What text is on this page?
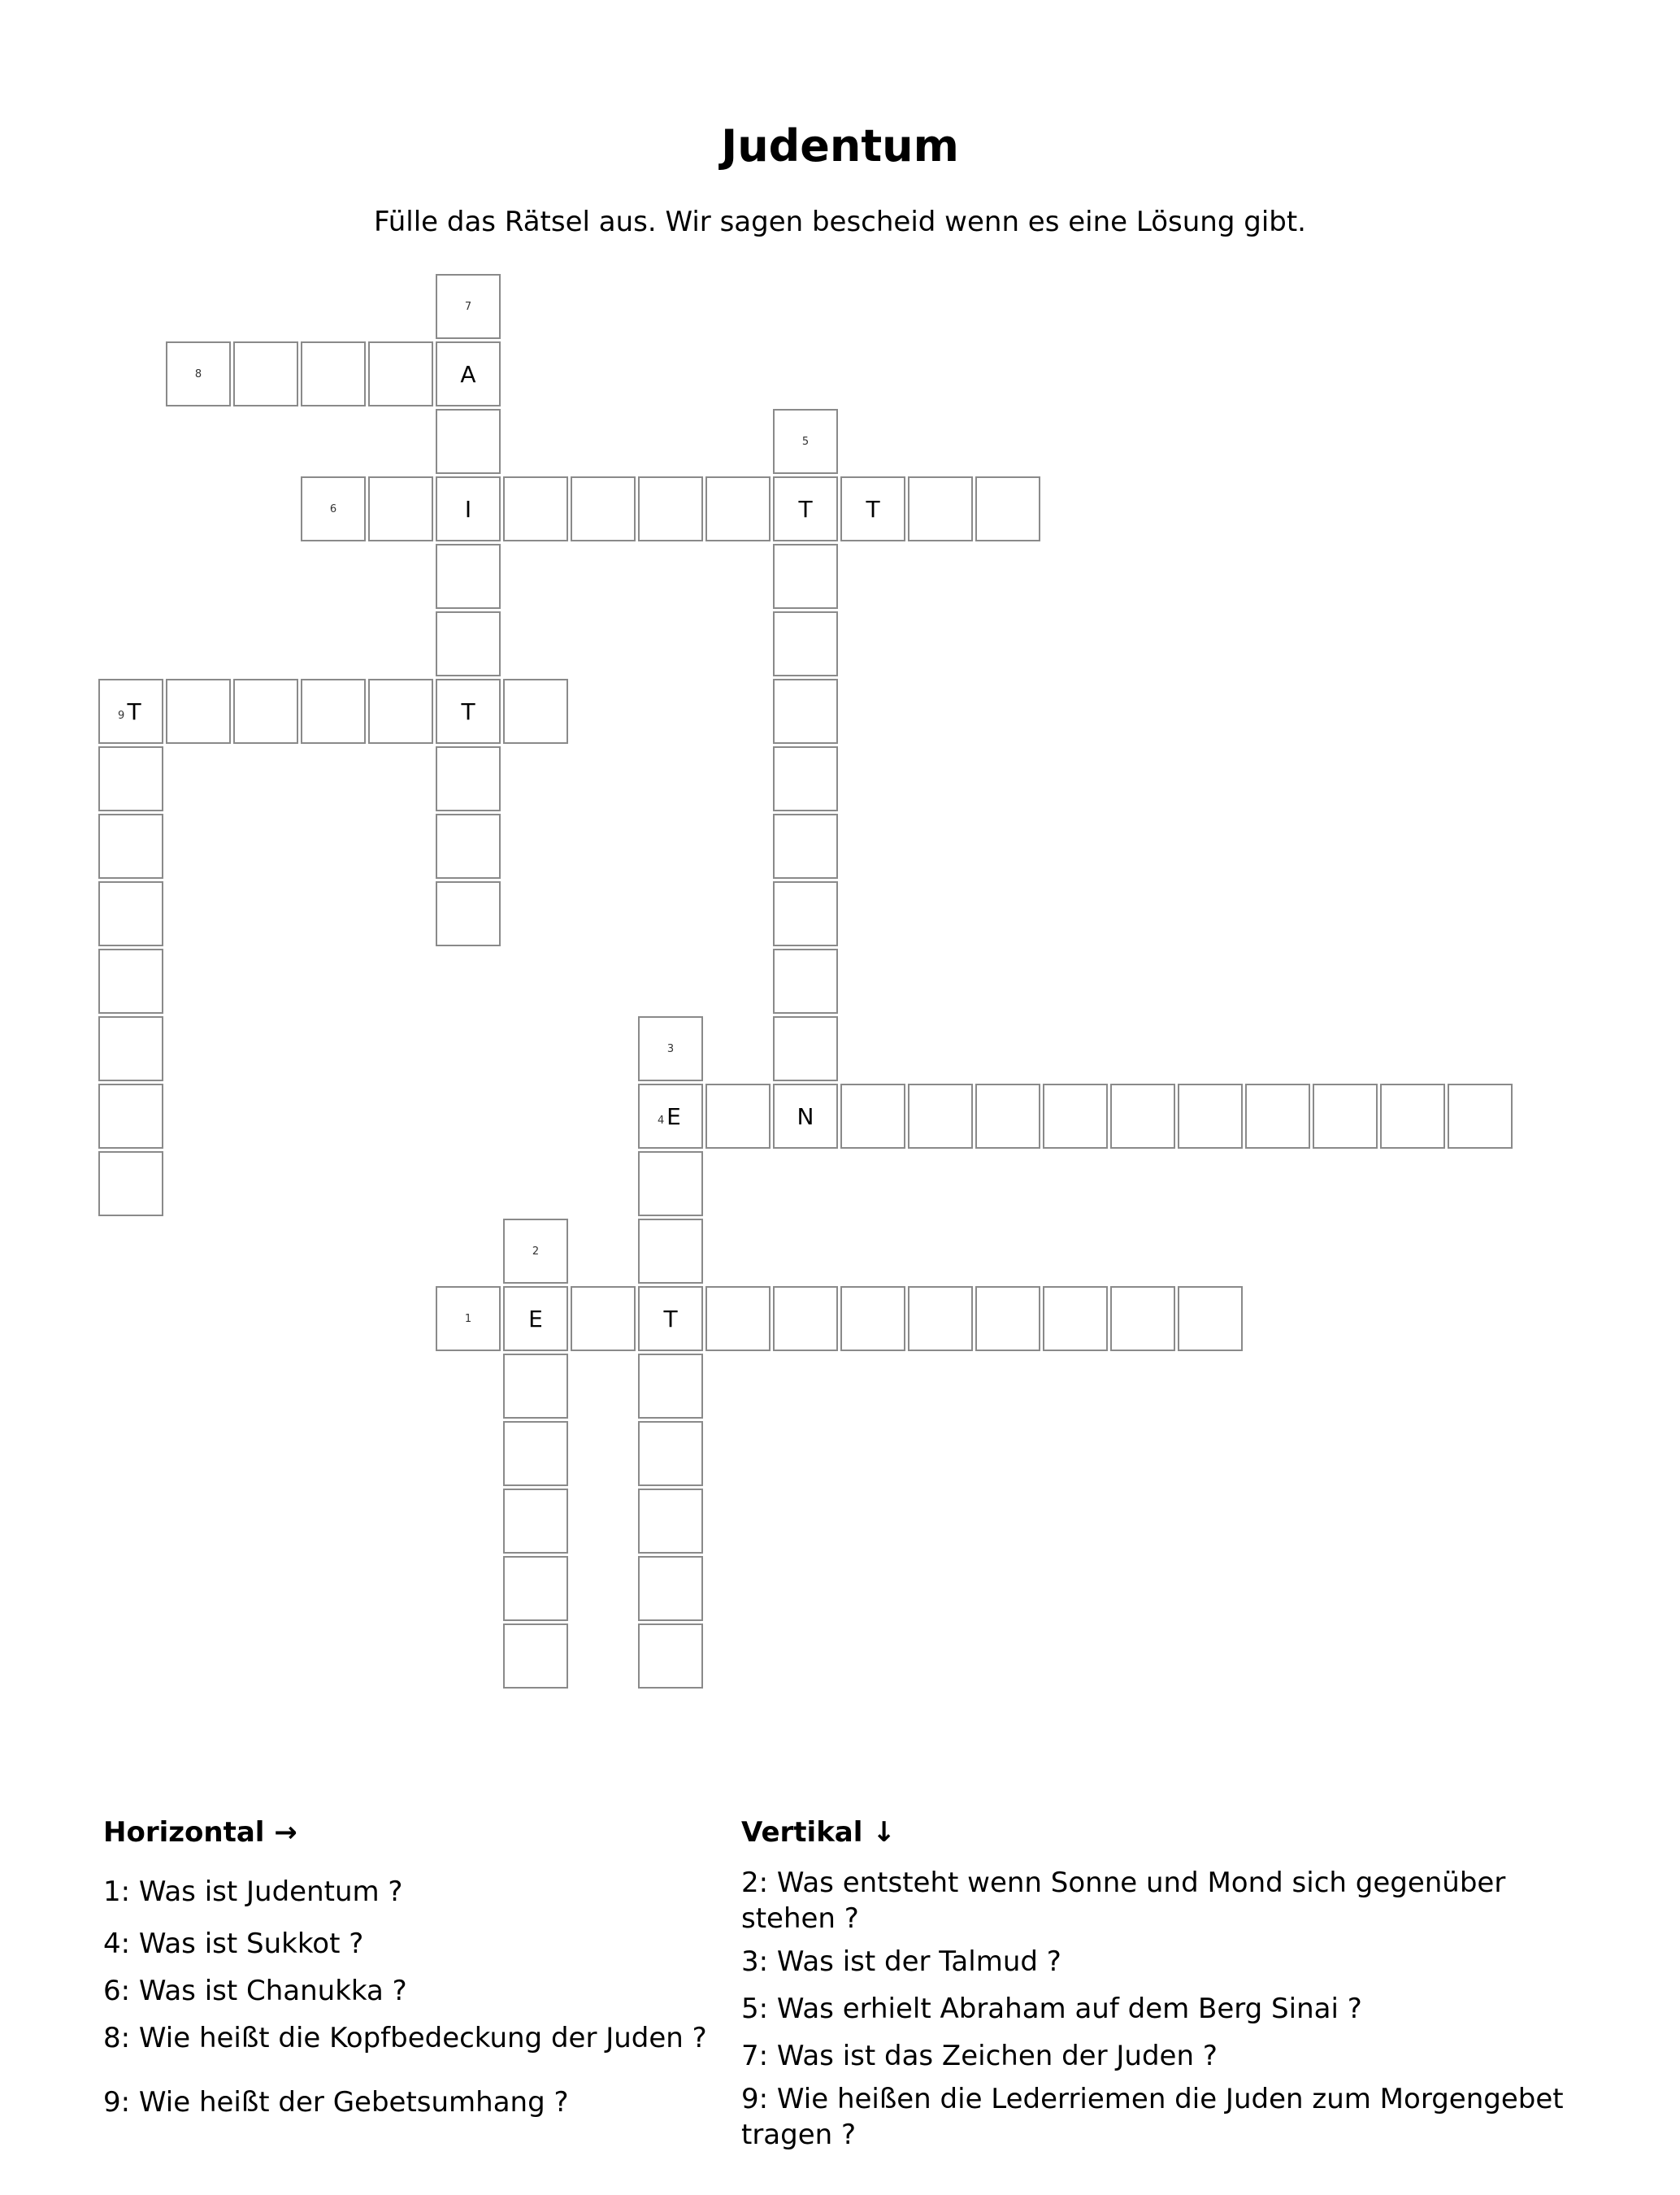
Judentum

Fülle das Rätsel aus. Wir sagen bescheid wenn es eine Lösung gibt.

1	E	T
2
3
4 E	N
5
T
6	I	T
7
A
T
8
9 T
Horizontal →
1: Was ist Judentum ?
4: Was ist Sukkot ?
6: Was ist Chanukka ?
8: Wie heißt die Kopfbedeckung der Juden ?
9: Wie heißt der Gebetsumhang ?
Vertikal ↓
2: Was entsteht wenn Sonne und Mond sich gegenüber stehen ?
3: Was ist der Talmud ?
5: Was erhielt Abraham auf dem Berg Sinai ?
7: Was ist das Zeichen der Juden ?
9: Wie heißen die Lederriemen die Juden zum Morgengebet tragen ?
